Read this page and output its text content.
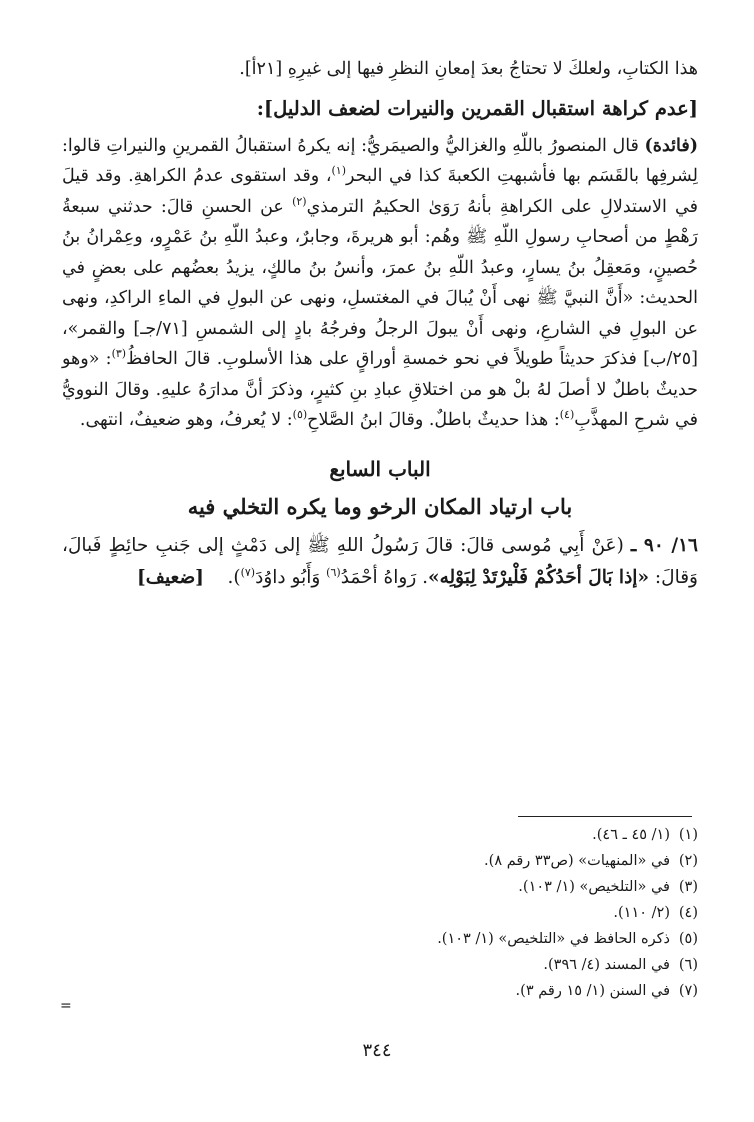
هذا الكتابِ، ولعلكَ لا تحتاجُ بعدَ إمعانِ النظرِ فيها إلى غيرِهِ [٢١أ].

[عدم كراهة استقبال القمرين والنيرات لضعف الدليل]:

(فائدة) قال المنصورُ باللّهِ والغزاليُّ والصيمَريُّ: إنه يكرهُ استقبالُ القمرينِ والنيراتِ قالوا: لِشرفِها بالقَسَم بها فأشبهتِ الكعبةَ كذا في البحر$^{(١)}$، وقد استقوى عدمُ الكراهةِ. وقد قيلَ في الاستدلالِ على الكراهةِ بأنهُ رَوَىٰ الحكيمُ الترمذي$^{(٢)}$ عن الحسنِ قالَ: حدثني سبعةُ رَهْطٍ من أصحابِ رسولِ اللّهِ ﷺ وهُم: أبو هريرةَ، وجابرٌ، وعبدُ اللّهِ بنُ عَمْرٍو، وعِمْرانُ بنُ حُصينٍ، ومَعقِلُ بنُ يسارٍ، وعبدُ اللّهِ بنُ عمرَ، وأنسُ بنُ مالكٍ، يزيدُ بعضُهم على بعضٍ في الحديث: «أَنَّ النبيَّ ﷺ نهى أَنْ يُبالَ في المغتسلِ، ونهى عن البولِ في الماءِ الراكدِ، ونهى عن البولِ في الشارعِ، ونهى أَنْ يبولَ الرجلُ وفرجُهُ بادٍ إلى الشمسِ [٧١/جـ] والقمر»، [٢٥/ب] فذكرَ حديثاً طويلاً في نحو خمسةِ أوراقٍ على هذا الأسلوبِ. قالَ الحافظُ$^{(٣)}$: «وهو حديثٌ باطلٌ لا أصلَ لهُ بلْ هو من اختلاقِ عبادِ بنِ كثيرٍ، وذكرَ أنَّ مدارَهُ عليهِ. وقالَ النوويُّ في شرحِ المهذَّبِ$^{(٤)}$: هذا حديثٌ باطلٌ. وقالَ ابنُ الصَّلاحِ$^{(٥)}$: لا يُعرفُ، وهو ضعيفٌ، انتهى.

الباب السابع
باب ارتياد المكان الرخو وما يكره التخلي فيه

١٦/ ٩٠ ـ (عَنْ أَبِي مُوسى قالَ: قالَ رَسُولُ اللهِ ﷺ إلى دَمْثٍ إلى جَنبِ حائِطٍ فَبالَ، وَقالَ: «إذا بَالَ أحَدُكُمْ فَلْيرْتَدْ لِبَوْلِه». رَواهُ أحْمَدُ$^{(٦)}$ وَأَبُو داوُدَ$^{(٧)}$).    [ضعيف]

(١)(١/ ٤٥ ـ ٤٦).
(٢)في «المنهيات» (ص٣٣ رقم ٨).
(٣)في «التلخيص» (١/ ١٠٣).
(٤)(٢/ ١١٠).
(٥)ذكره الحافظ في «التلخيص» (١/ ١٠٣).
(٦)في المسند (٤/ ٣٩٦).
(٧)في السنن (١/ ١٥ رقم ٣).
=
٣٤٤
